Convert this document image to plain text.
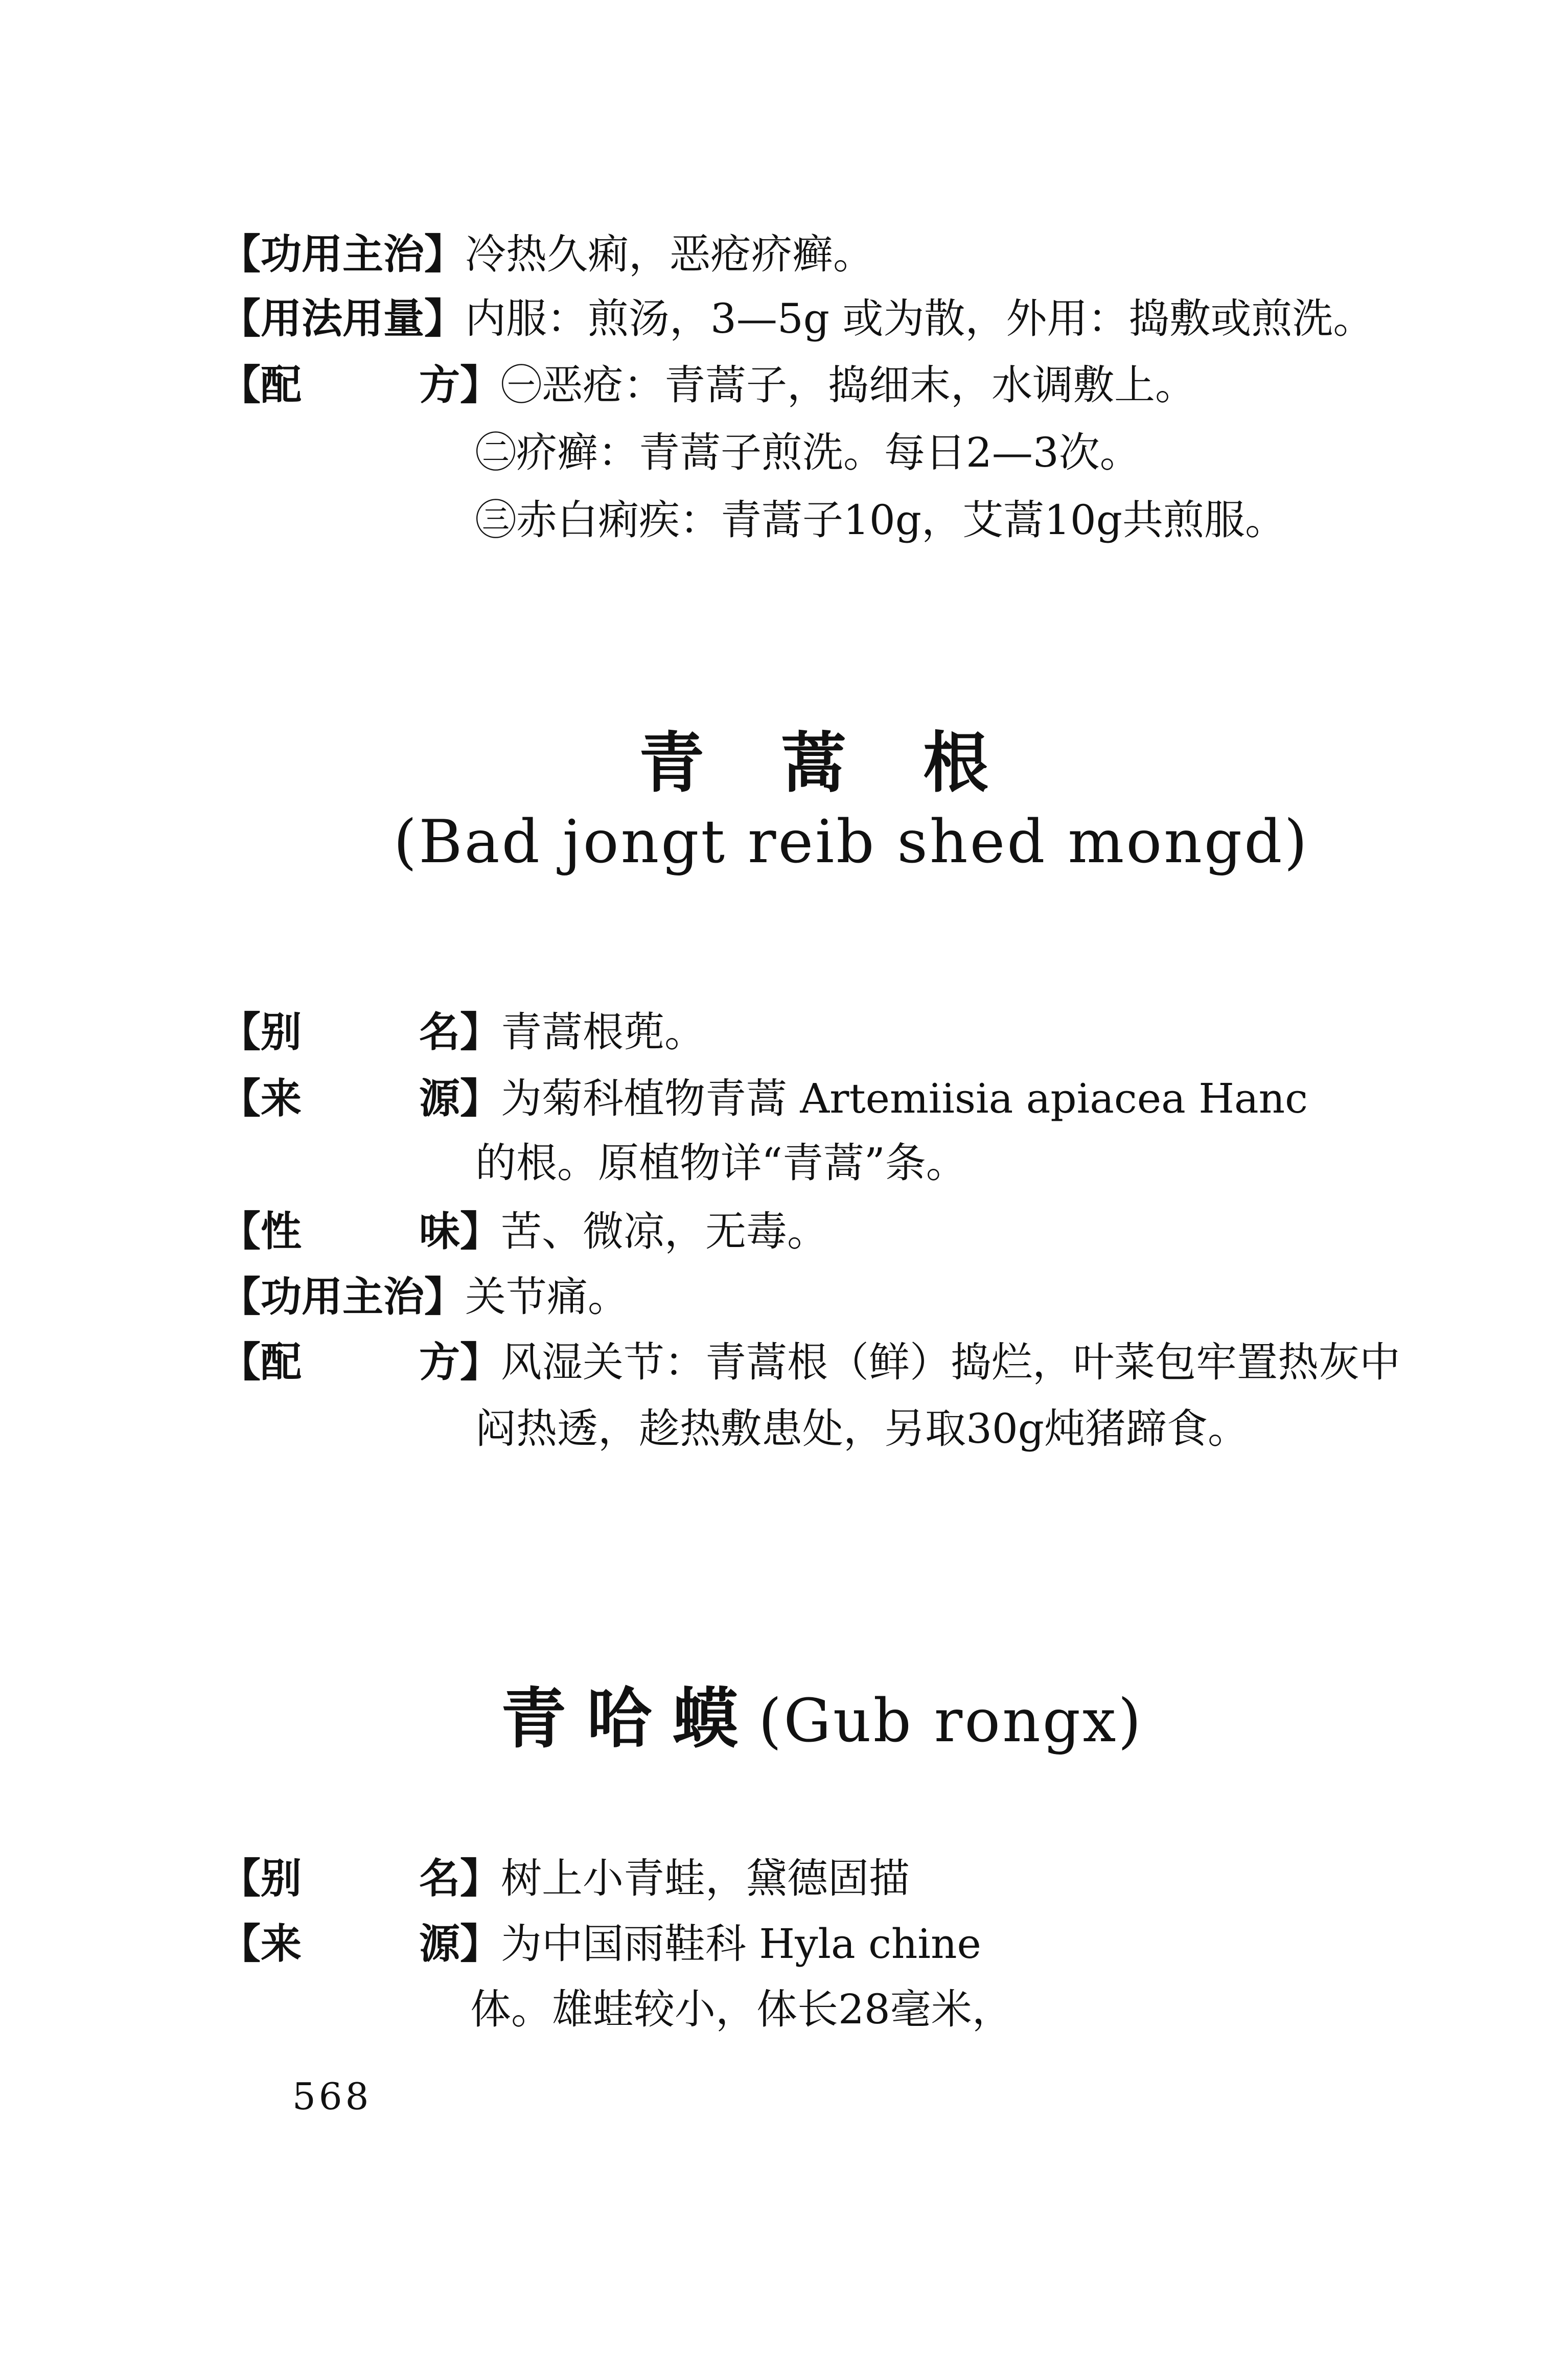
【功用主治】冷热久痢，恶疮疥癣。
【用法用量】内服：煎汤，3—5g 或为散，外用：捣敷或煎洗。
【配	方】㊀恶疮：青蒿子，捣细末，水调敷上。
㊁疥癣：青蒿子煎洗。每日2—3次。
㊂赤白痢疾：青蒿子10g，艾蒿10g共煎服。
青蒿根
(Bad jongt reib shed mongd)
【别	名】青蒿根蔸。
【来	源】为菊科植物青蒿 Artemiisia apiacea Hanc
的根。原植物详“青蒿”条。
【性	味】苦、微凉，无毒。
【功用主治】关节痛。
【配	方】风湿关节：青蒿根（鲜）捣烂，叶菜包牢置热灰中
闷热透，趁热敷患处，另取30g炖猪蹄食。
青哈蟆(Gub rongx)
【别	名】树上小青蛙，黛德固描
【来	源】为中国雨鞋科 Hyla chine
体。雄蛙较小，体长28毫米，
568
